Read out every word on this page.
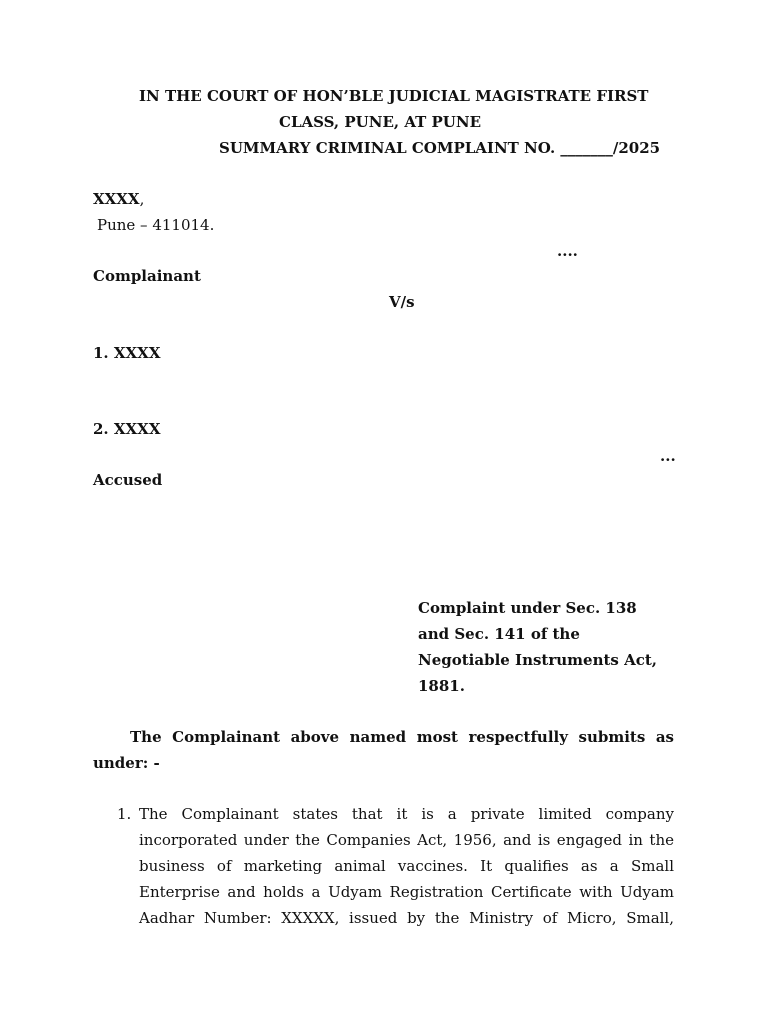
IN THE COURT OF HON’BLE JUDICIAL MAGISTRATE FIRST
CLASS, PUNE, AT PUNE
SUMMARY CRIMINAL COMPLAINT NO. _______/2025
XXXX,
Pune – 411014.
....
Complainant
V/s
1. XXXX
2. XXXX
...
Accused
Complaint under Sec. 138
and Sec. 141 of the
Negotiable Instruments Act,
1881.
The Complainant above named most respectfully submits as
under: -
1. The Complainant states that it is a private limited company
incorporated under the Companies Act, 1956, and is engaged in the
business of marketing animal vaccines. It qualifies as a Small
Enterprise and holds a Udyam Registration Certificate with Udyam
Aadhar Number: XXXXX, issued by the Ministry of Micro, Small,
